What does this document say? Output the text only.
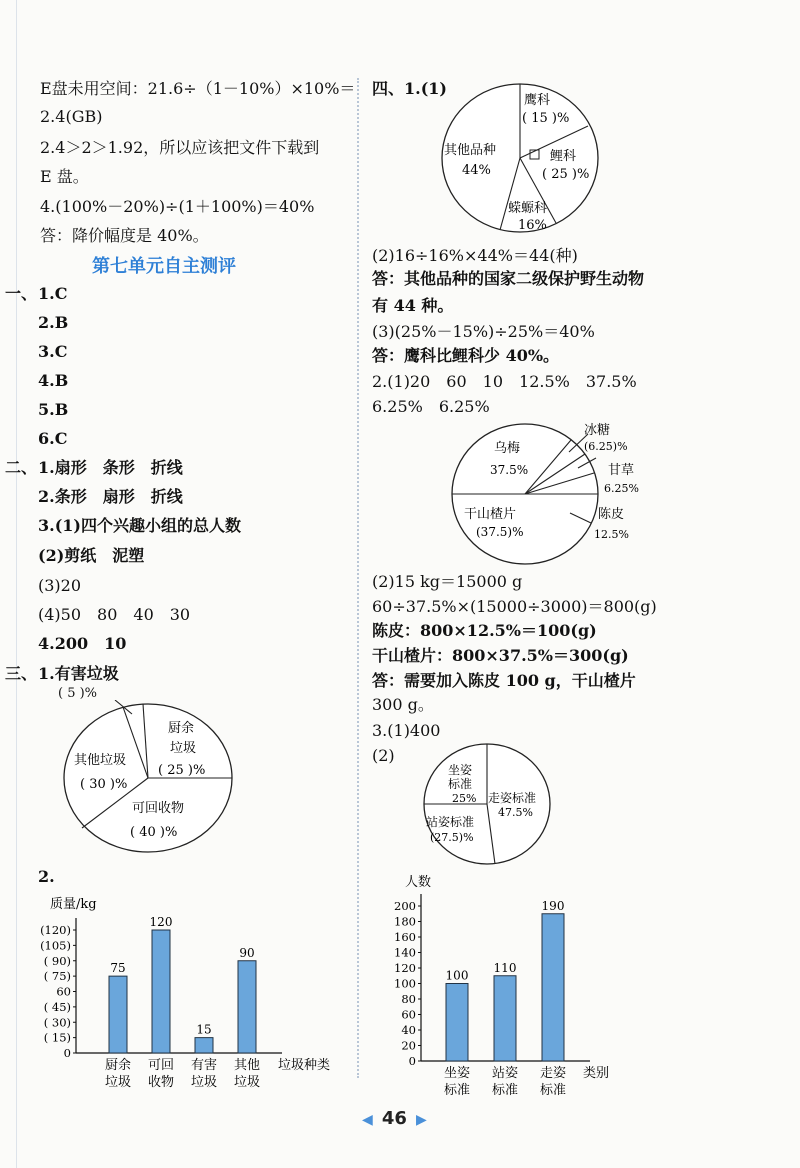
E盘未用空间：21.6÷（1－10%）×10%＝
2.4(GB)
2.4＞2＞1.92，所以应该把文件下载到
E 盘。
4.(100%－20%)÷(1＋100%)＝40%
答：降价幅度是 40%。
第七单元自主测评
一、 1.C
2.B
3.C
4.B
5.B
6.C
二、 1.扇形　条形　折线
2.条形　扇形　折线
3.(1)四个兴趣小组的总人数
(2)剪纸　泥塑
(3)20
(4)50　80　40　30
4.200　10
三、 1.有害垃圾
( 5 )%
厨余
垃圾
( 25 )%
其他垃圾
( 30 )%
可回收物
( 40 )%
2.
质量/kg
垃圾种类
(120)
(105)
( 90)
( 75)
60
( 45)
( 30)
( 15)
0
75
厨余
垃圾
120
可回
收物
15
有害
垃圾
90
其他
垃圾
四、 1.(1)
鹰科
( 15 )%
鲤科
( 25 )%
其他品种
44%
蝾螈科
16%
(2)16÷16%×44%＝44(种)
答：其他品种的国家二级保护野生动物
有 44 种。
(3)(25%－15%)÷25%＝40%
答：鹰科比鲤科少 40%。
2.(1)20　60　10　12.5%　37.5%
6.25%　6.25%
乌梅
37.5%
冰糖
(6.25)%
甘草
6.25%
干山楂片
(37.5)%
陈皮
12.5%
(2)15 kg＝15000 g
60÷37.5%×(15000÷3000)＝800(g)
陈皮：800×12.5%＝100(g)
干山楂片：800×37.5%＝300(g)
答：需要加入陈皮 100 g，干山楂片
300 g。
3.(1)400
(2)
坐姿
标准
25% 走姿标准
47.5%
站姿标准
(27.5)%
人数
类别
200
180
160
140
120
100
80
60
40
20
0
100
坐姿
标准
110
站姿
标准
190
走姿
标准
◀ 46 ▶
